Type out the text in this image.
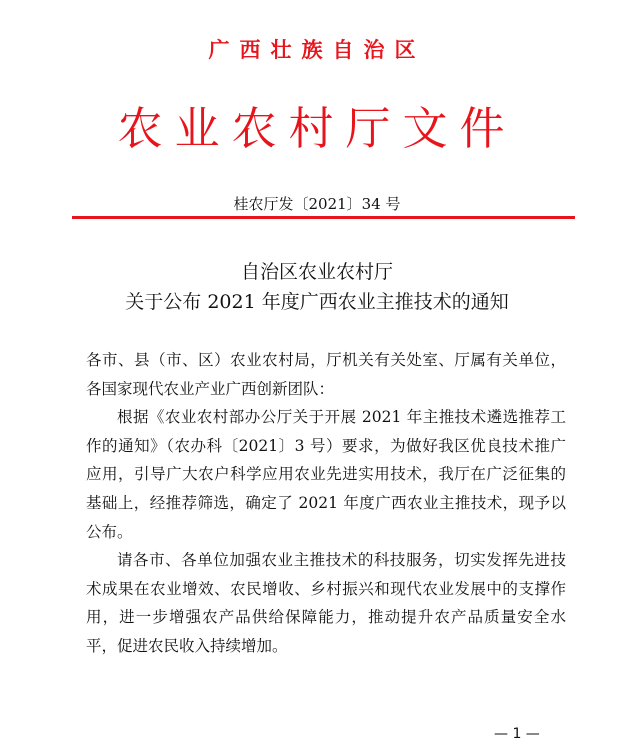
广西壮族自治区
农业农村厅文件
桂农厅发〔2021〕34 号
自治区农业农村厅
关于公布 2021 年度广西农业主推技术的通知

各市、县（市、区）农业农村局，厅机关有关处室、厅属有关单位，各国家现代农业产业广西创新团队：

根据《农业农村部办公厅关于开展 2021 年主推技术遴选推荐工作的通知》（农办科〔2021〕3 号）要求，为做好我区优良技术推广应用，引导广大农户科学应用农业先进实用技术，我厅在广泛征集的基础上，经推荐筛选，确定了 2021 年度广西农业主推技术，现予以公布。

请各市、各单位加强农业主推技术的科技服务，切实发挥先进技术成果在农业增效、农民增收、乡村振兴和现代农业发展中的支撑作用，进一步增强农产品供给保障能力，推动提升农产品质量安全水平，促进农民收入持续增加。

— 1 —
